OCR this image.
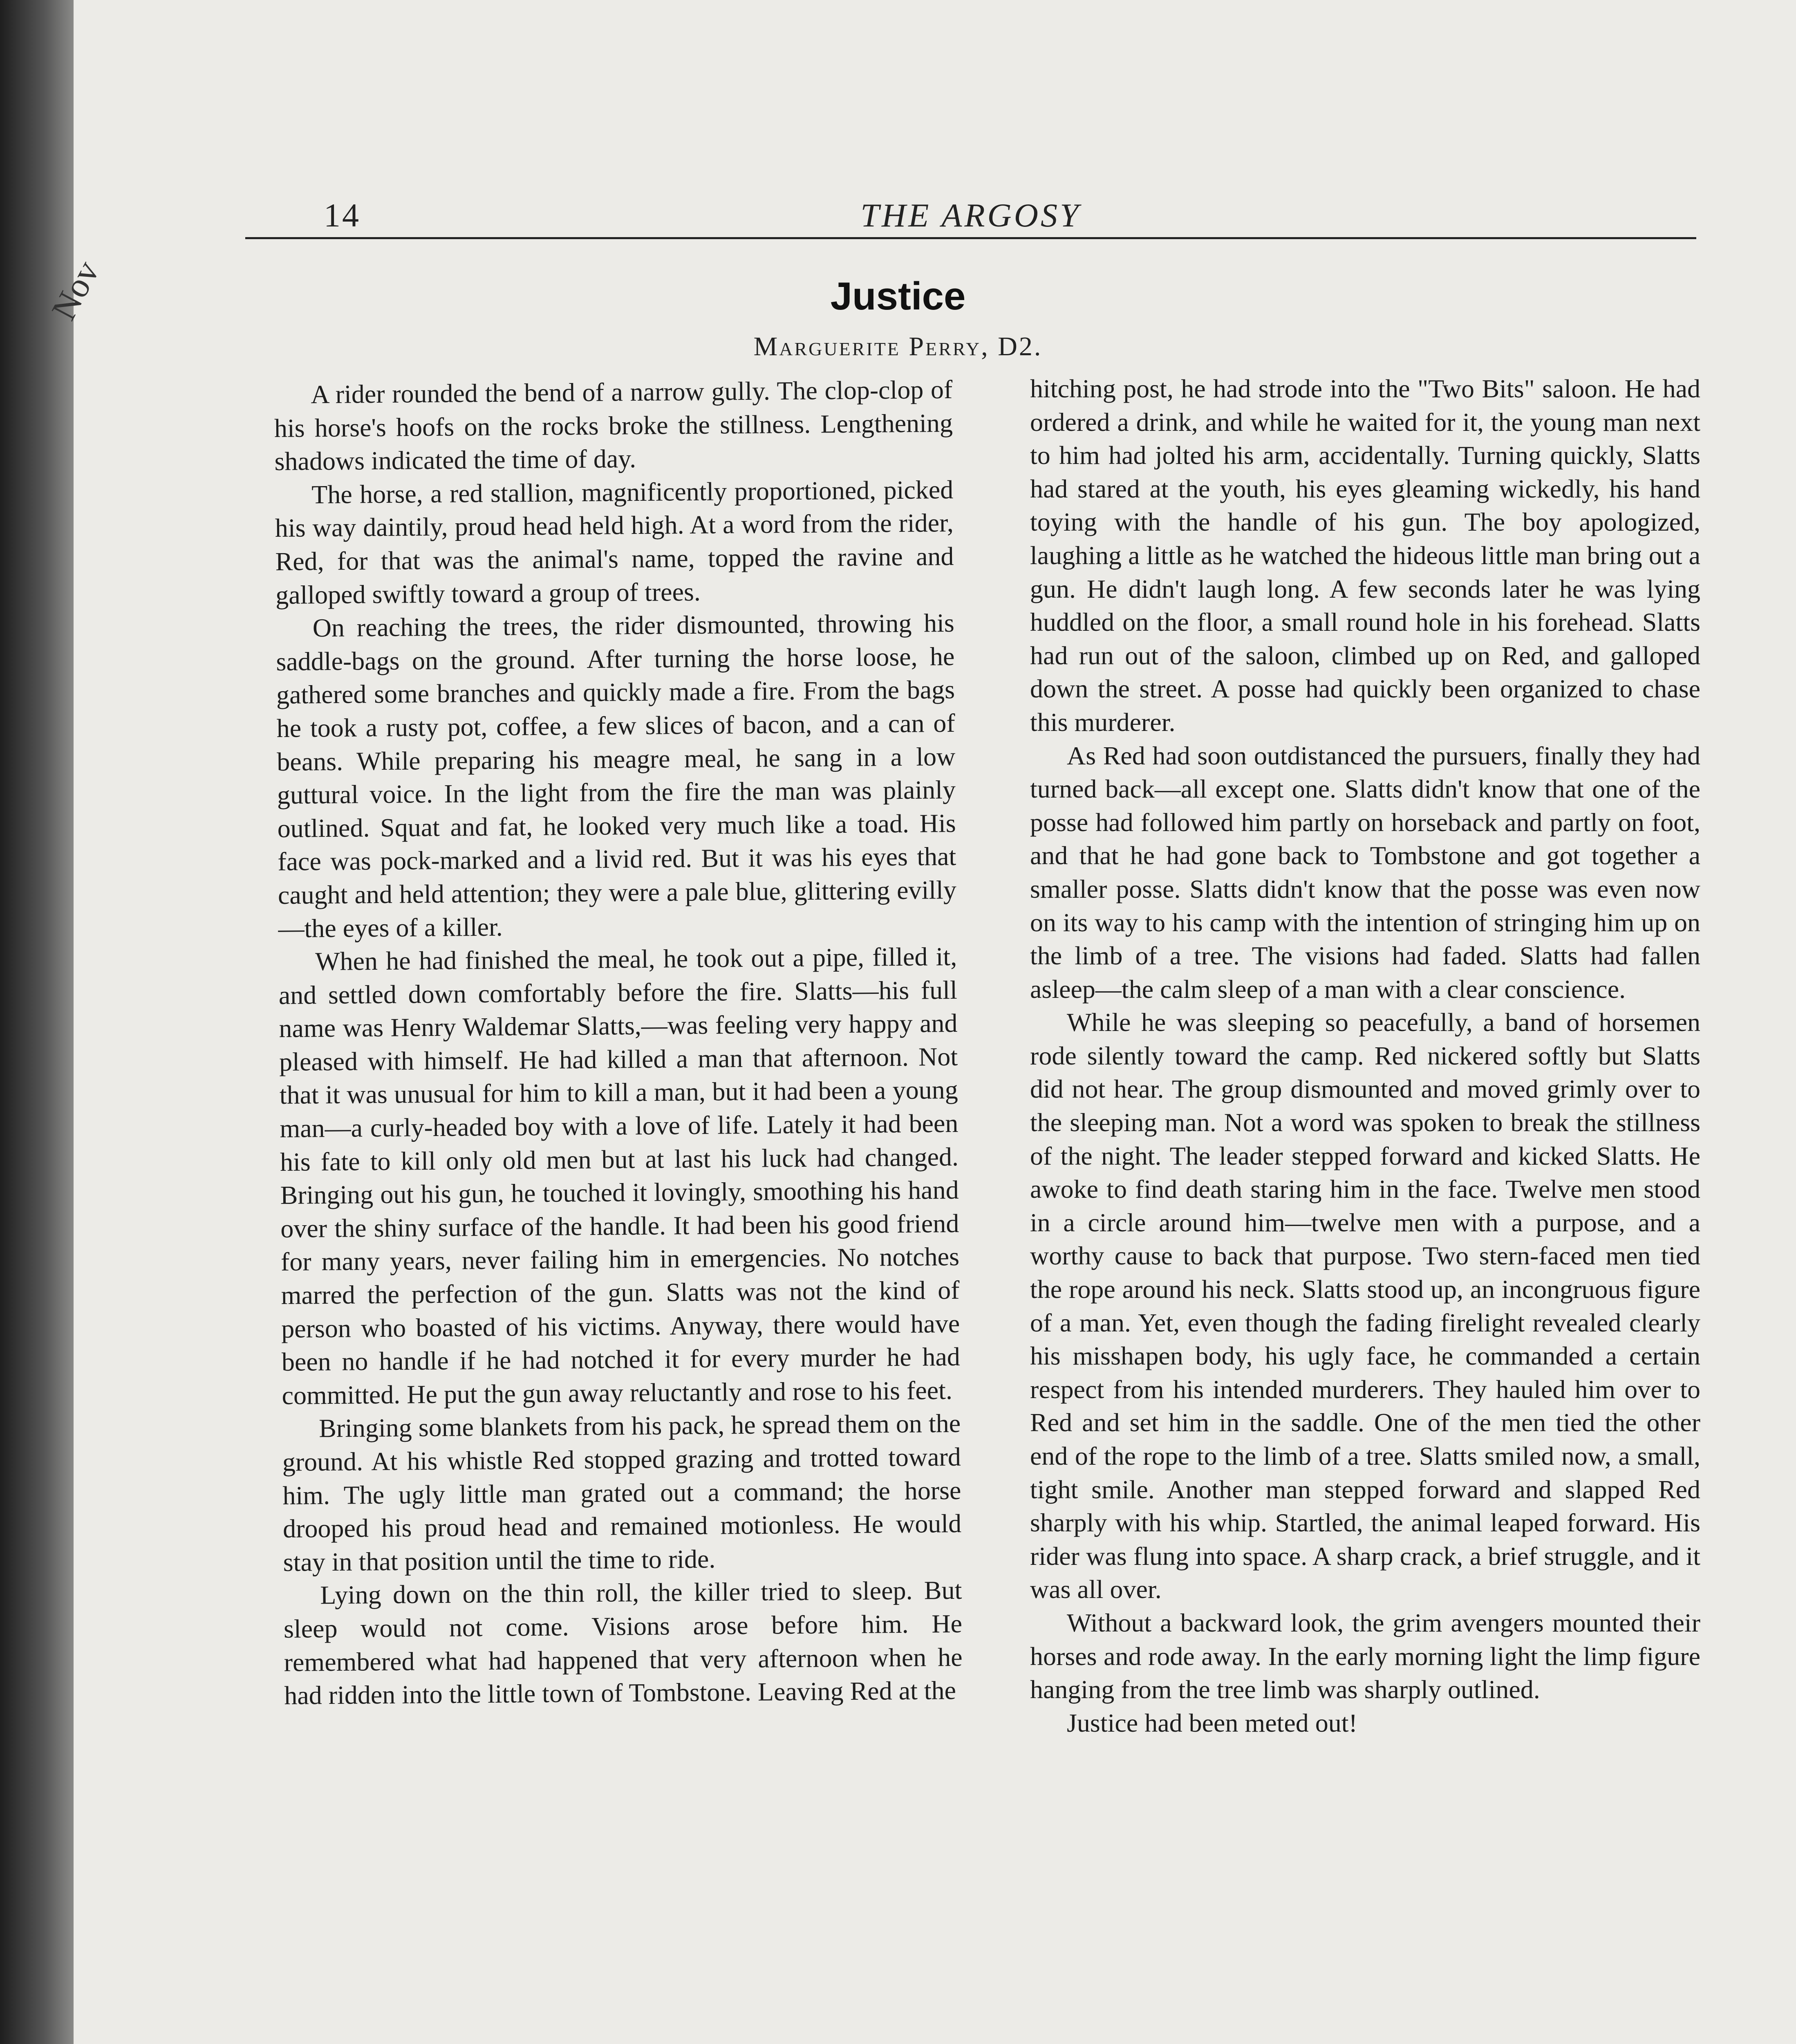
Nov
14	THE ARGOSY
Justice
Marguerite Perry, D2.

A rider rounded the bend of a narrow gully. The clop-clop of his horse's hoofs on the rocks broke the stillness. Lengthening shadows indicated the time of day.

The horse, a red stallion, magnificently proportioned, picked his way daintily, proud head held high. At a word from the rider, Red, for that was the animal's name, topped the ravine and galloped swiftly toward a group of trees.

On reaching the trees, the rider dismounted, throwing his saddle-bags on the ground. After turning the horse loose, he gathered some branches and quickly made a fire. From the bags he took a rusty pot, coffee, a few slices of bacon, and a can of beans. While preparing his meagre meal, he sang in a low guttural voice. In the light from the fire the man was plainly outlined. Squat and fat, he looked very much like a toad. His face was pock-marked and a livid red. But it was his eyes that caught and held attention; they were a pale blue, glittering evilly—the eyes of a killer.

When he had finished the meal, he took out a pipe, filled it, and settled down comfortably before the fire. Slatts—his full name was Henry Waldemar Slatts,—was feeling very happy and pleased with himself. He had killed a man that afternoon. Not that it was unusual for him to kill a man, but it had been a young man—a curly-headed boy with a love of life. Lately it had been his fate to kill only old men but at last his luck had changed. Bringing out his gun, he touched it lovingly, smoothing his hand over the shiny surface of the handle. It had been his good friend for many years, never failing him in emergencies. No notches marred the perfection of the gun. Slatts was not the kind of person who boasted of his victims. Anyway, there would have been no handle if he had notched it for every murder he had committed. He put the gun away reluctantly and rose to his feet.

Bringing some blankets from his pack, he spread them on the ground. At his whistle Red stopped grazing and trotted toward him. The ugly little man grated out a command; the horse drooped his proud head and remained motionless. He would stay in that position until the time to ride.

Lying down on the thin roll, the killer tried to sleep. But sleep would not come. Visions arose before him. He remembered what had happened that very afternoon when he had ridden into the little town of Tombstone. Leaving Red at the

hitching post, he had strode into the "Two Bits" saloon. He had ordered a drink, and while he waited for it, the young man next to him had jolted his arm, accidentally. Turning quickly, Slatts had stared at the youth, his eyes gleaming wickedly, his hand toying with the handle of his gun. The boy apologized, laughing a little as he watched the hideous little man bring out a gun. He didn't laugh long. A few seconds later he was lying huddled on the floor, a small round hole in his forehead. Slatts had run out of the saloon, climbed up on Red, and galloped down the street. A posse had quickly been organized to chase this murderer.

As Red had soon outdistanced the pursuers, finally they had turned back—all except one. Slatts didn't know that one of the posse had followed him partly on horseback and partly on foot, and that he had gone back to Tombstone and got together a smaller posse. Slatts didn't know that the posse was even now on its way to his camp with the intention of stringing him up on the limb of a tree. The visions had faded. Slatts had fallen asleep—the calm sleep of a man with a clear conscience.

While he was sleeping so peacefully, a band of horsemen rode silently toward the camp. Red nickered softly but Slatts did not hear. The group dismounted and moved grimly over to the sleeping man. Not a word was spoken to break the stillness of the night. The leader stepped forward and kicked Slatts. He awoke to find death staring him in the face. Twelve men stood in a circle around him—twelve men with a purpose, and a worthy cause to back that purpose. Two stern-faced men tied the rope around his neck. Slatts stood up, an incongruous figure of a man. Yet, even though the fading firelight revealed clearly his misshapen body, his ugly face, he commanded a certain respect from his intended murderers. They hauled him over to Red and set him in the saddle. One of the men tied the other end of the rope to the limb of a tree. Slatts smiled now, a small, tight smile. Another man stepped forward and slapped Red sharply with his whip. Startled, the animal leaped forward. His rider was flung into space. A sharp crack, a brief struggle, and it was all over.

Without a backward look, the grim avengers mounted their horses and rode away. In the early morning light the limp figure hanging from the tree limb was sharply outlined.

Justice had been meted out!
